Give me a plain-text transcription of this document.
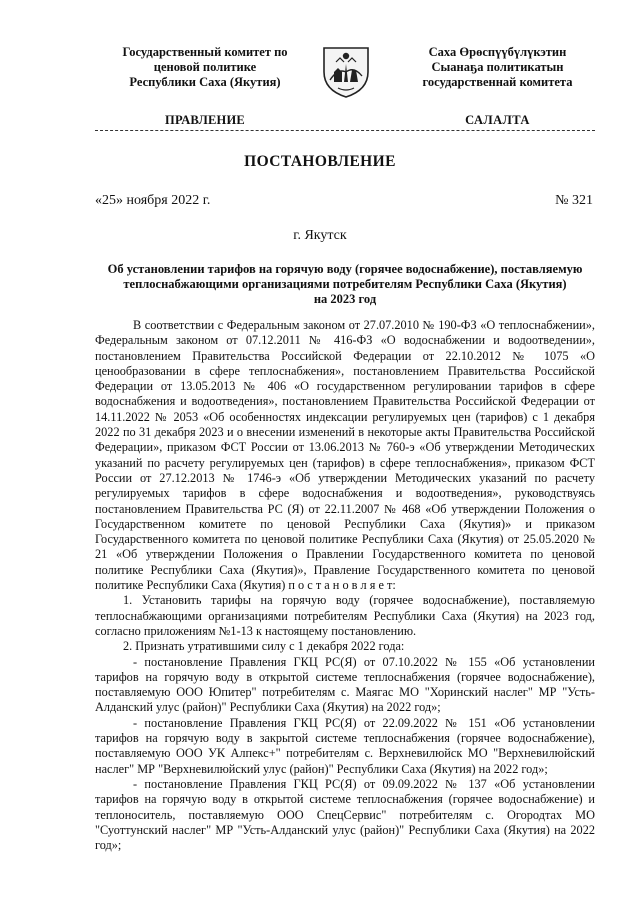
Государственный комитет по
ценовой политике
Республики Саха (Якутия)
Саха Өрөспүүбүлүкэтин
Сыанаҕа политикатын
государственнай комитета
ПРАВЛЕНИЕ	САЛАЛТА
ПОСТАНОВЛЕНИЕ
«25» ноября 2022 г.	№ 321
г. Якутск
Об установлении тарифов на горячую воду (горячее водоснабжение), поставляемую
теплоснабжающими организациями потребителям Республики Саха (Якутия)
на 2023 год

В соответствии с Федеральным законом от 27.07.2010 № 190-ФЗ «О теплоснабжении», Федеральным законом от 07.12.2011 № 416-ФЗ «О водоснабжении и водоотведении», постановлением Правительства Российской Федерации от 22.10.2012 № 1075 «О ценообразовании в сфере теплоснабжения», постановлением Правительства Российской Федерации от 13.05.2013 № 406 «О государственном регулировании тарифов в сфере водоснабжения и водоотведения», постановлением Правительства Российской Федерации от 14.11.2022 № 2053 «Об особенностях индексации регулируемых цен (тарифов) с 1 декабря 2022 по 31 декабря 2023 и о внесении изменений в некоторые акты Правительства Российской Федерации», приказом ФСТ России от 13.06.2013 № 760-э «Об утверждении Методических указаний по расчету регулируемых цен (тарифов) в сфере теплоснабжения», приказом ФСТ России от 27.12.2013 № 1746-э «Об утверждении Методических указаний по расчету регулируемых тарифов в сфере водоснабжения и водоотведения», руководствуясь постановлением Правительства РС (Я) от 22.11.2007 № 468 «Об утверждении Положения о Государственном комитете по ценовой Республики Саха (Якутия)» и приказом Государственного комитета по ценовой политике Республики Саха (Якутия) от 25.05.2020 № 21 «Об утверждении Положения о Правлении Государственного комитета по ценовой политике Республики Саха (Якутия)», Правление Государственного комитета по ценовой политике Республики Саха (Якутия) п о с т а н о в л я е т:

1. Установить тарифы на горячую воду (горячее водоснабжение), поставляемую теплоснабжающими организациями потребителям Республики Саха (Якутия) на 2023 год, согласно приложениям №1-13 к настоящему постановлению.

2. Признать утратившими силу с 1 декабря 2022 года:

- постановление Правления ГКЦ РС(Я) от 07.10.2022 № 155 «Об установлении тарифов на горячую воду в открытой системе теплоснабжения (горячее водоснабжение), поставляемую ООО Юпитер" потребителям с. Маягас МО "Хоринский наслег" МР "Усть-Алданский улус (район)" Республики Саха (Якутия) на 2022 год»;

- постановление Правления ГКЦ РС(Я) от 22.09.2022 № 151 «Об установлении тарифов на горячую воду в закрытой системе теплоснабжения (горячее водоснабжение), поставляемую ООО УК Алпекс+" потребителям с. Верхневилюйск МО "Верхневилюйский наслег" МР "Верхневилюйский улус (район)" Республики Саха (Якутия) на 2022 год»;

- постановление Правления ГКЦ РС(Я) от 09.09.2022 № 137 «Об установлении тарифов на горячую воду в открытой системе теплоснабжения (горячее водоснабжение) и теплоноситель, поставляемую ООО СпецСервис" потребителям с. Огородтах МО "Суоттунский наслег" МР "Усть-Алданский улус (район)" Республики Саха (Якутия) на 2022 год»;
